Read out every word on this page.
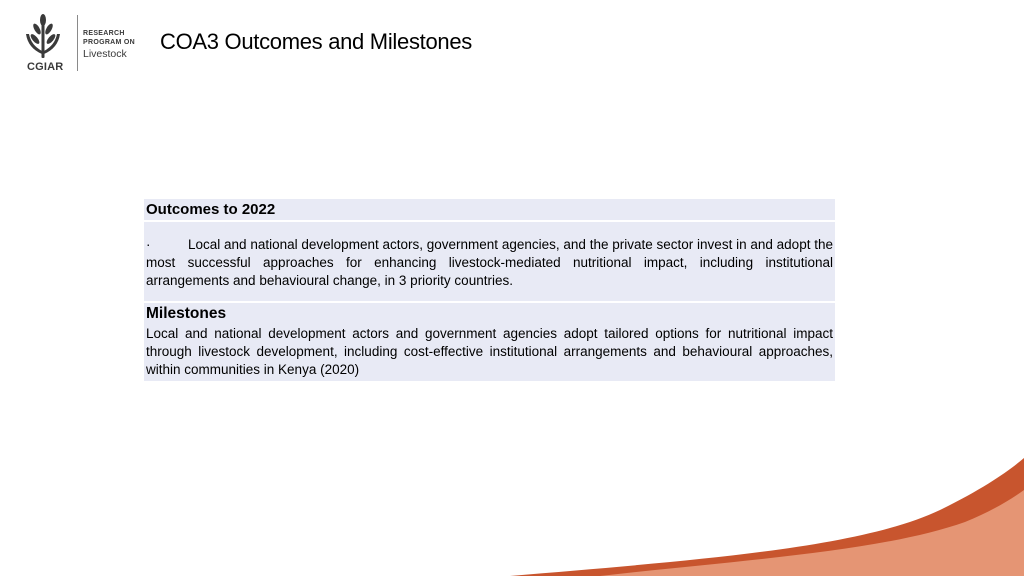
CGIAR
RESEARCH
PROGRAM ON
Livestock	COA3 Outcomes and Milestones
Outcomes to 2022

·	Local and national development actors, government agencies, and the private sector invest in and adopt the most successful approaches for enhancing livestock-mediated nutritional impact, including institutional arrangements and behavioural change, in 3 priority countries.

Milestones

Local and national development actors and government agencies adopt tailored options for nutritional impact through livestock development, including cost-effective institutional arrangements and behavioural approaches, within communities in Kenya (2020)
